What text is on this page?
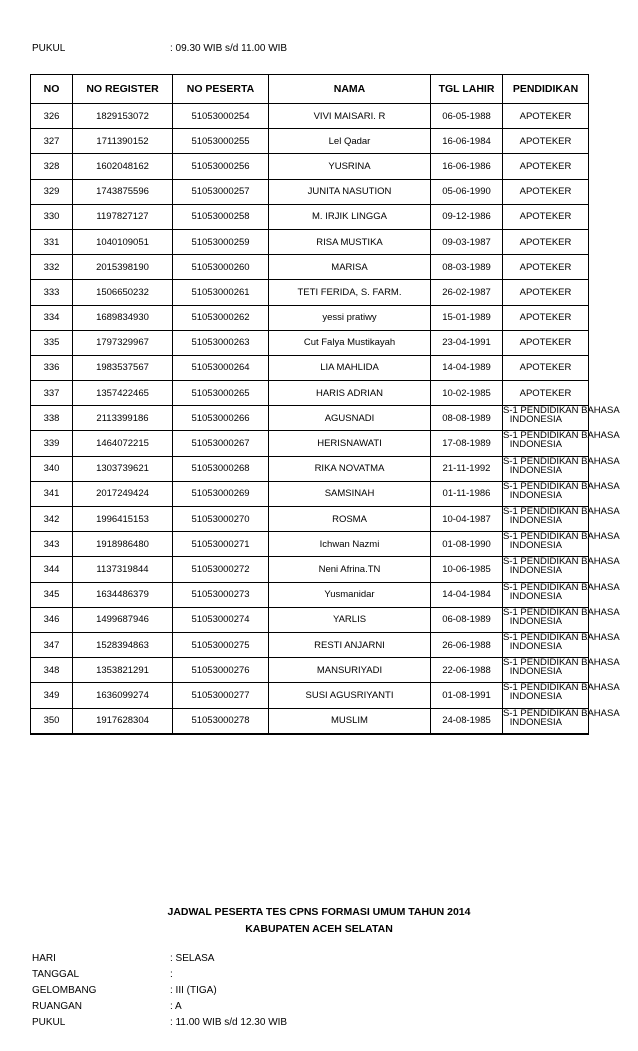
PUKUL	: 09.30 WIB s/d 11.00 WIB
NO	NO REGISTER	NO PESERTA	NAMA	TGL LAHIR	PENDIDIKAN
326	1829153072	51053000254	VIVI MAISARI. R	06-05-1988	APOTEKER
327	1711390152	51053000255	Lel Qadar	16-06-1984	APOTEKER
328	1602048162	51053000256	YUSRINA	16-06-1986	APOTEKER
329	1743875596	51053000257	JUNITA NASUTION	05-06-1990	APOTEKER
330	1197827127	51053000258	M. IRJIK LINGGA	09-12-1986	APOTEKER
331	1040109051	51053000259	RISA MUSTIKA	09-03-1987	APOTEKER
332	2015398190	51053000260	MARISA	08-03-1989	APOTEKER
333	1506650232	51053000261	TETI FERIDA, S. FARM.	26-02-1987	APOTEKER
334	1689834930	51053000262	yessi pratiwy	15-01-1989	APOTEKER
335	1797329967	51053000263	Cut Falya Mustikayah	23-04-1991	APOTEKER
336	1983537567	51053000264	LIA MAHLIDA	14-04-1989	APOTEKER
337	1357422465	51053000265	HARIS ADRIAN	10-02-1985	APOTEKER
338	2113399186	51053000266	AGUSNADI	08-08-1989	S-1 PENDIDIKAN BAHASA
INDONESIA

339	1464072215	51053000267	HERISNAWATI	17-08-1989	S-1 PENDIDIKAN BAHASA
INDONESIA

340	1303739621	51053000268	RIKA NOVATMA	21-11-1992	S-1 PENDIDIKAN BAHASA
INDONESIA

341	2017249424	51053000269	SAMSINAH	01-11-1986	S-1 PENDIDIKAN BAHASA
INDONESIA

342	1996415153	51053000270	ROSMA	10-04-1987	S-1 PENDIDIKAN BAHASA
INDONESIA

343	1918986480	51053000271	Ichwan Nazmi	01-08-1990	S-1 PENDIDIKAN BAHASA
INDONESIA

344	1137319844	51053000272	Neni Afrina.TN	10-06-1985	S-1 PENDIDIKAN BAHASA
INDONESIA

345	1634486379	51053000273	Yusmanidar	14-04-1984	S-1 PENDIDIKAN BAHASA
INDONESIA

346	1499687946	51053000274	YARLIS	06-08-1989	S-1 PENDIDIKAN BAHASA
INDONESIA

347	1528394863	51053000275	RESTI ANJARNI	26-06-1988	S-1 PENDIDIKAN BAHASA
INDONESIA

348	1353821291	51053000276	MANSURIYADI	22-06-1988	S-1 PENDIDIKAN BAHASA
INDONESIA

349	1636099274	51053000277	SUSI AGUSRIYANTI	01-08-1991	S-1 PENDIDIKAN BAHASA
INDONESIA

350	1917628304	51053000278	MUSLIM	24-08-1985	S-1 PENDIDIKAN BAHASA
INDONESIA
JADWAL PESERTA TES CPNS FORMASI UMUM TAHUN 2014
KABUPATEN ACEH SELATAN
HARI	: SELASA
TANGGAL	:
GELOMBANG	: III (TIGA)
RUANGAN	: A
PUKUL	: 11.00 WIB s/d 12.30 WIB
